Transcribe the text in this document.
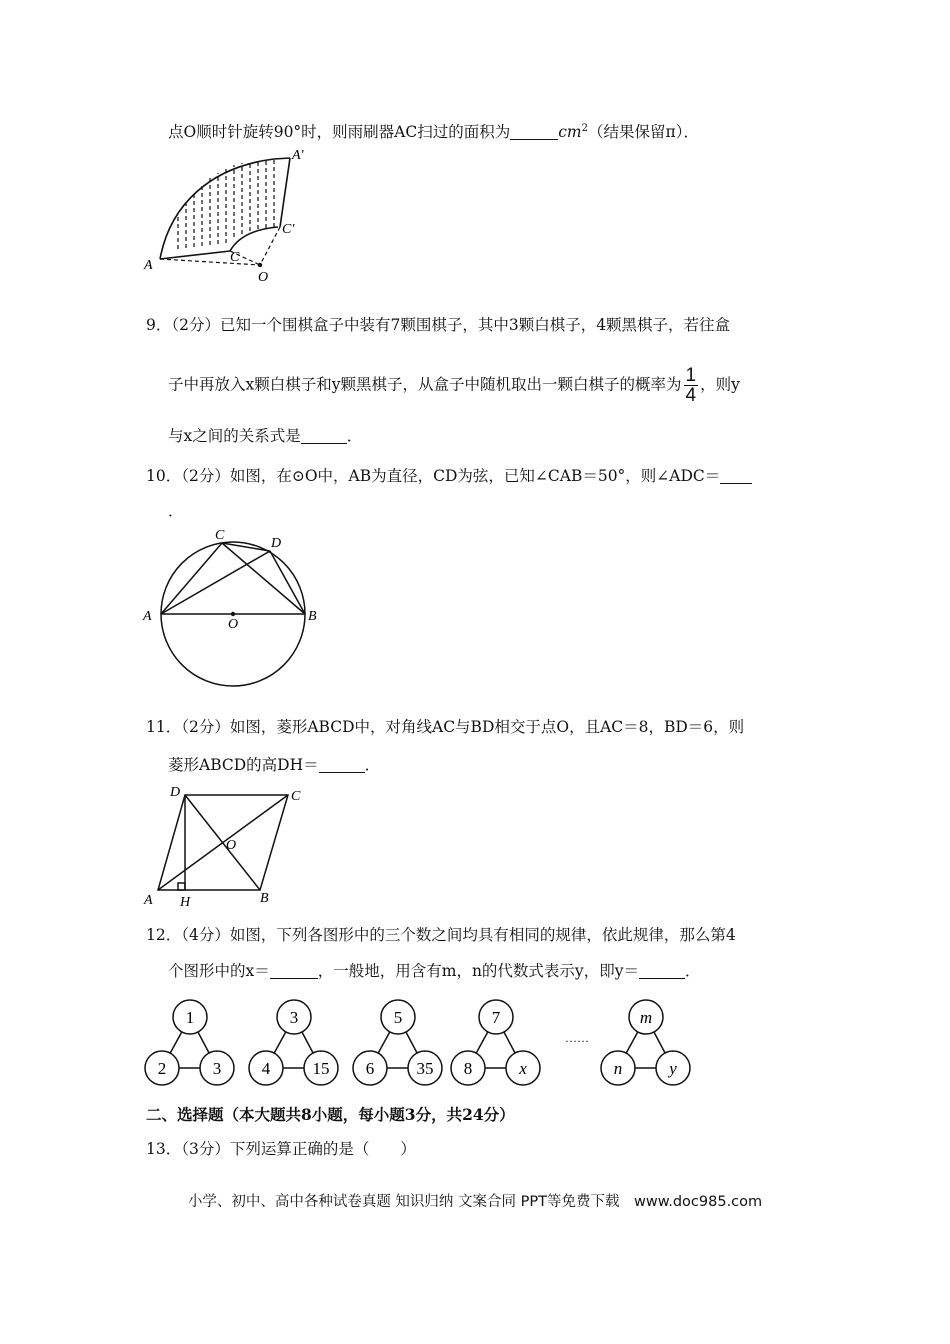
点O顺时针旋转90°时，则雨刷器AC扫过的面积为	$cm^2$（结果保留π）．
A′
C′
C
A
O
9．（2分）已知一个围棋盒子中装有7颗围棋子，其中3颗白棋子，4颗黑棋子，若往盒
子中再放入x颗白棋子和y颗黑棋子，从盒子中随机取出一颗白棋子的概率为 $\frac{1}{4}$ ，则y
与x之间的关系式是	．
10．（2分）如图，在⊙O中，AB为直径，CD为弦，已知∠CAB＝50°，则∠ADC＝
．
C
D
A
O
B
11．（2分）如图，菱形ABCD中，对角线AC与BD相交于点O，且AC＝8，BD＝6，则
菱形ABCD的高DH＝	．
D	C
O
A H	B
12．（4分）如图，下列各图形中的三个数之间均具有相同的规律，依此规律，那么第4
个图形中的x＝	，一般地，用含有m，n的代数式表示y，即y＝	．
1
2	3
3
4 15
5
6 35
7
8	x
m
n	y
……
二、选择题（本大题共8小题，每小题3分，共24分）
13．（3分）下列运算正确的是（　　）
小学、初中、高中各种试卷真题 知识归纳 文案合同 PPT等免费下载　www.doc985.com
